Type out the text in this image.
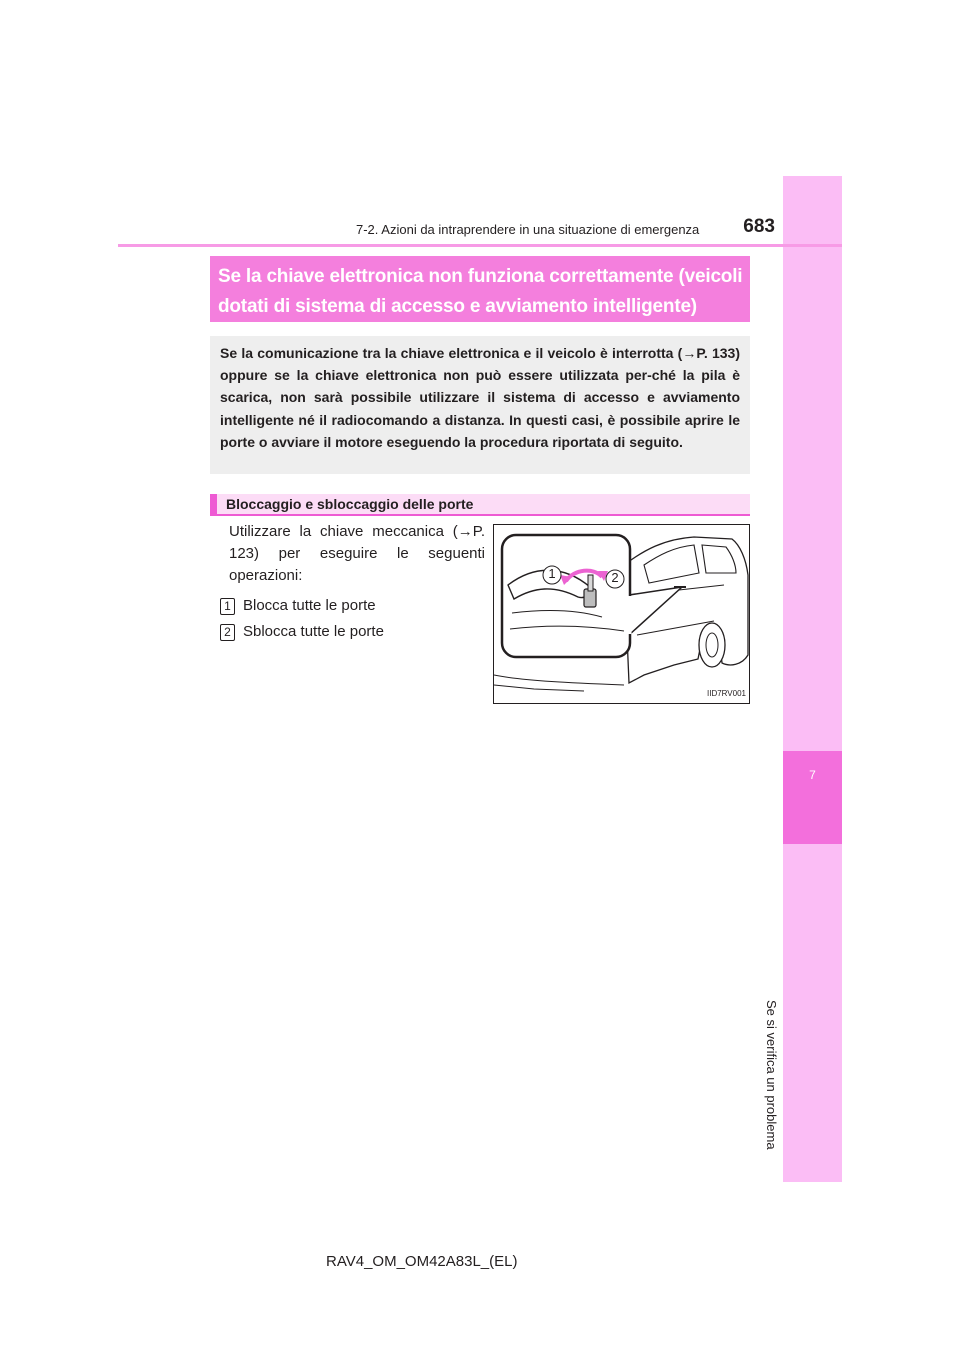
7
Se si verifica un problema
7-2. Azioni da intraprendere in una situazione di emergenza	683
Se la chiave elettronica non funziona correttamente (veicoli
dotati di sistema di accesso e avviamento intelligente)
Se la comunicazione tra la chiave elettronica e il veicolo è interrotta (→P. 133) oppure se la chiave elettronica non può essere utilizzata per-ché la pila è scarica, non sarà possibile utilizzare il sistema di accesso e avviamento intelligente né il radiocomando a distanza. In questi casi, è possibile aprire le porte o avviare il motore eseguendo la procedura riportata di seguito.
Bloccaggio e sbloccaggio delle porte
Utilizzare la chiave meccanica (→P. 123) per eseguire le seguenti operazioni:
1 Blocca tutte le porte
2 Sblocca tutte le porte
1	2
IID7RV001
RAV4_OM_OM42A83L_(EL)
